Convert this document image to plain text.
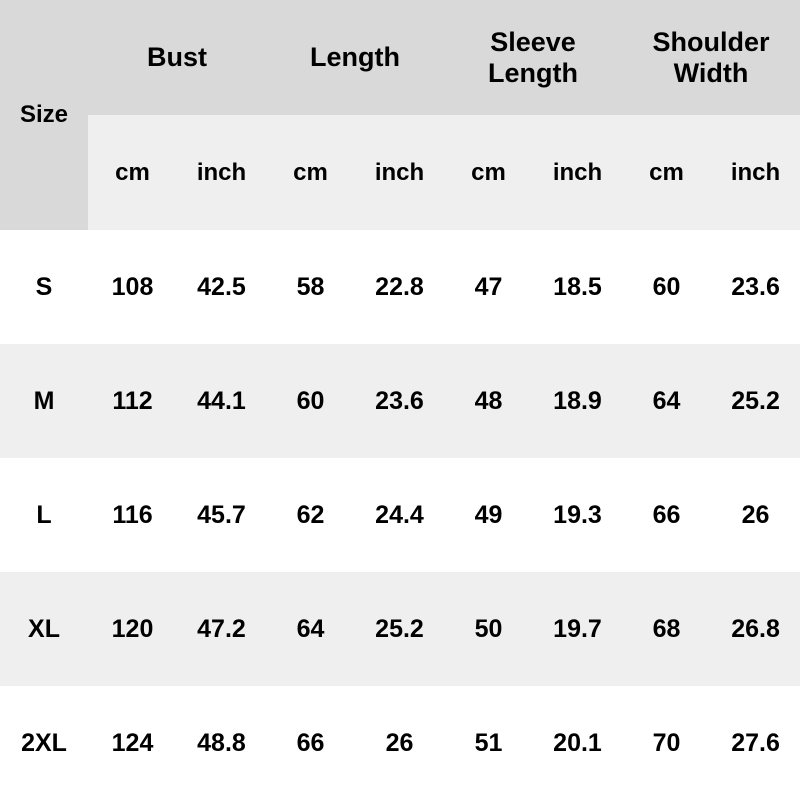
Size	Bust		Length		Sleeve Length		Shoulder Width	
	cm	inch	cm	inch	cm	inch	cm	inch
S	108	42.5	58	22.8	47	18.5	60	23.6
M	112	44.1	60	23.6	48	18.9	64	25.2
L	116	45.7	62	24.4	49	19.3	66	26
XL	120	47.2	64	25.2	50	19.7	68	26.8
2XL	124	48.8	66	26	51	20.1	70	27.6
